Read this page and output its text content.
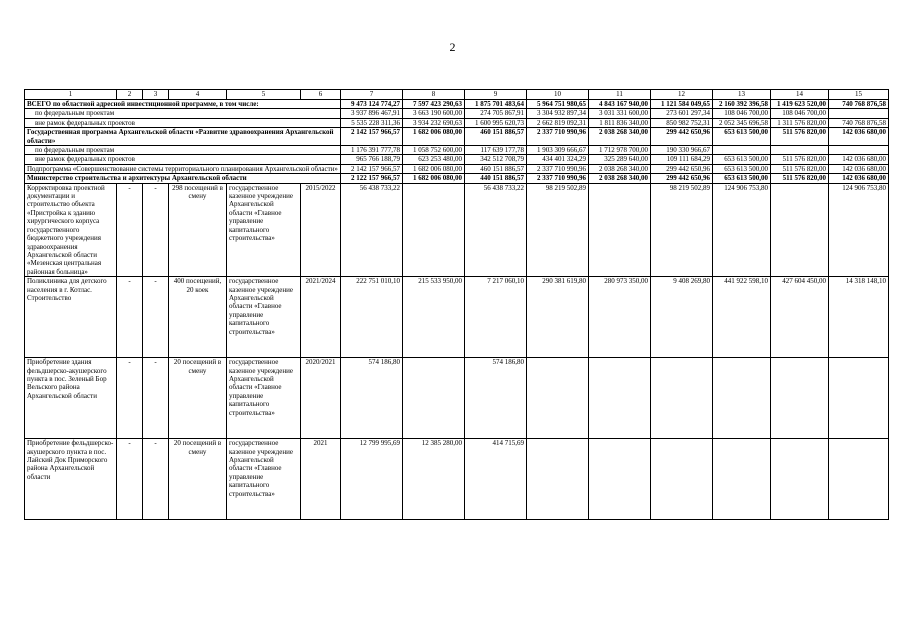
2
1	2	3	4	5	6	7	8	9	10	11	12	13	14	15
ВСЕГО по областной адресной инвестиционной программе, в том числе:						9 473 124 774,27	7 597 423 290,63	1 875 701 483,64	5 964 751 980,65	4 843 167 940,00	1 121 584 049,65	2 160 392 396,58	1 419 623 520,00	740 768 876,58
по федеральным проектам						3 937 896 467,91	3 663 190 600,00	274 705 867,91	3 304 932 897,34	3 031 331 600,00	273 601 297,34	108 046 700,00	108 046 700,00	
вне рамок федеральных проектов						5 535 228 311,36	3 934 232 690,63	1 600 995 620,73	2 662 819 092,31	1 811 836 340,00	850 982 752,31	2 052 345 696,58	1 311 576 820,00	740 768 876,58
Государственная программа Архангельской области «Развитие здравоохранения Архангельской области»						2 142 157 966,57	1 682 006 080,00	460 151 886,57	2 337 710 990,96	2 038 268 340,00	299 442 650,96	653 613 500,00	511 576 820,00	142 036 680,00
по федеральным проектам						1 176 391 777,78	1 058 752 600,00	117 639 177,78	1 903 309 666,67	1 712 978 700,00	190 330 966,67			
вне рамок федеральных проектов						965 766 188,79	623 253 480,00	342 512 708,79	434 401 324,29	325 289 640,00	109 111 684,29	653 613 500,00	511 576 820,00	142 036 680,00
Подпрограмма «Совершенствование системы территориального планирования Архангельской области»						2 142 157 966,57	1 682 006 080,00	460 151 886,57	2 337 710 990,96	2 038 268 340,00	299 442 650,96	653 613 500,00	511 576 820,00	142 036 680,00
Министерство строительства и архитектуры Архангельской области						2 122 157 966,57	1 682 006 080,00	440 151 886,57	2 337 710 990,96	2 038 268 340,00	299 442 650,96	653 613 500,00	511 576 820,00	142 036 680,00
Корректировка проектной документации и строительство объекта «Пристройка к зданию хирургического корпуса государственного бюджетного учреждения здравоохранения Архангельской области «Мезенская центральная районная больница»	-	-	298 посещений в смену	государственное казенное учреждение Архангельской области «Главное управление капитального строительства»	2015/2022	56 438 733,22		56 438 733,22	98 219 502,89		98 219 502,89	124 906 753,80		124 906 753,80
Поликлиника для детского населения в г. Котлас. Строительство	-	-	400 посещений, 20 коек	государственное казенное учреждение Архангельской области «Главное управление капитального строительства»	2021/2024	222 751 010,10	215 533 950,00	7 217 060,10	290 381 619,80	280 973 350,00	9 408 269,80	441 922 598,10	427 604 450,00	14 318 148,10
Приобретение здания фельдшерско-акушерского пункта в пос. Зеленый Бор Вельского района Архангельской области	-	-	20 посещений в смену	государственное казенное учреждение Архангельской области «Главное управление капитального строительства»	2020/2021	574 186,80		574 186,80						
Приобретение фельдшерско-акушерского пункта в пос. Лайский Док Приморского района Архангельской области	-	-	20 посещений в смену	государственное казенное учреждение Архангельской области «Главное управление капитального строительства»	2021	12 799 995,69	12 385 280,00	414 715,69						
